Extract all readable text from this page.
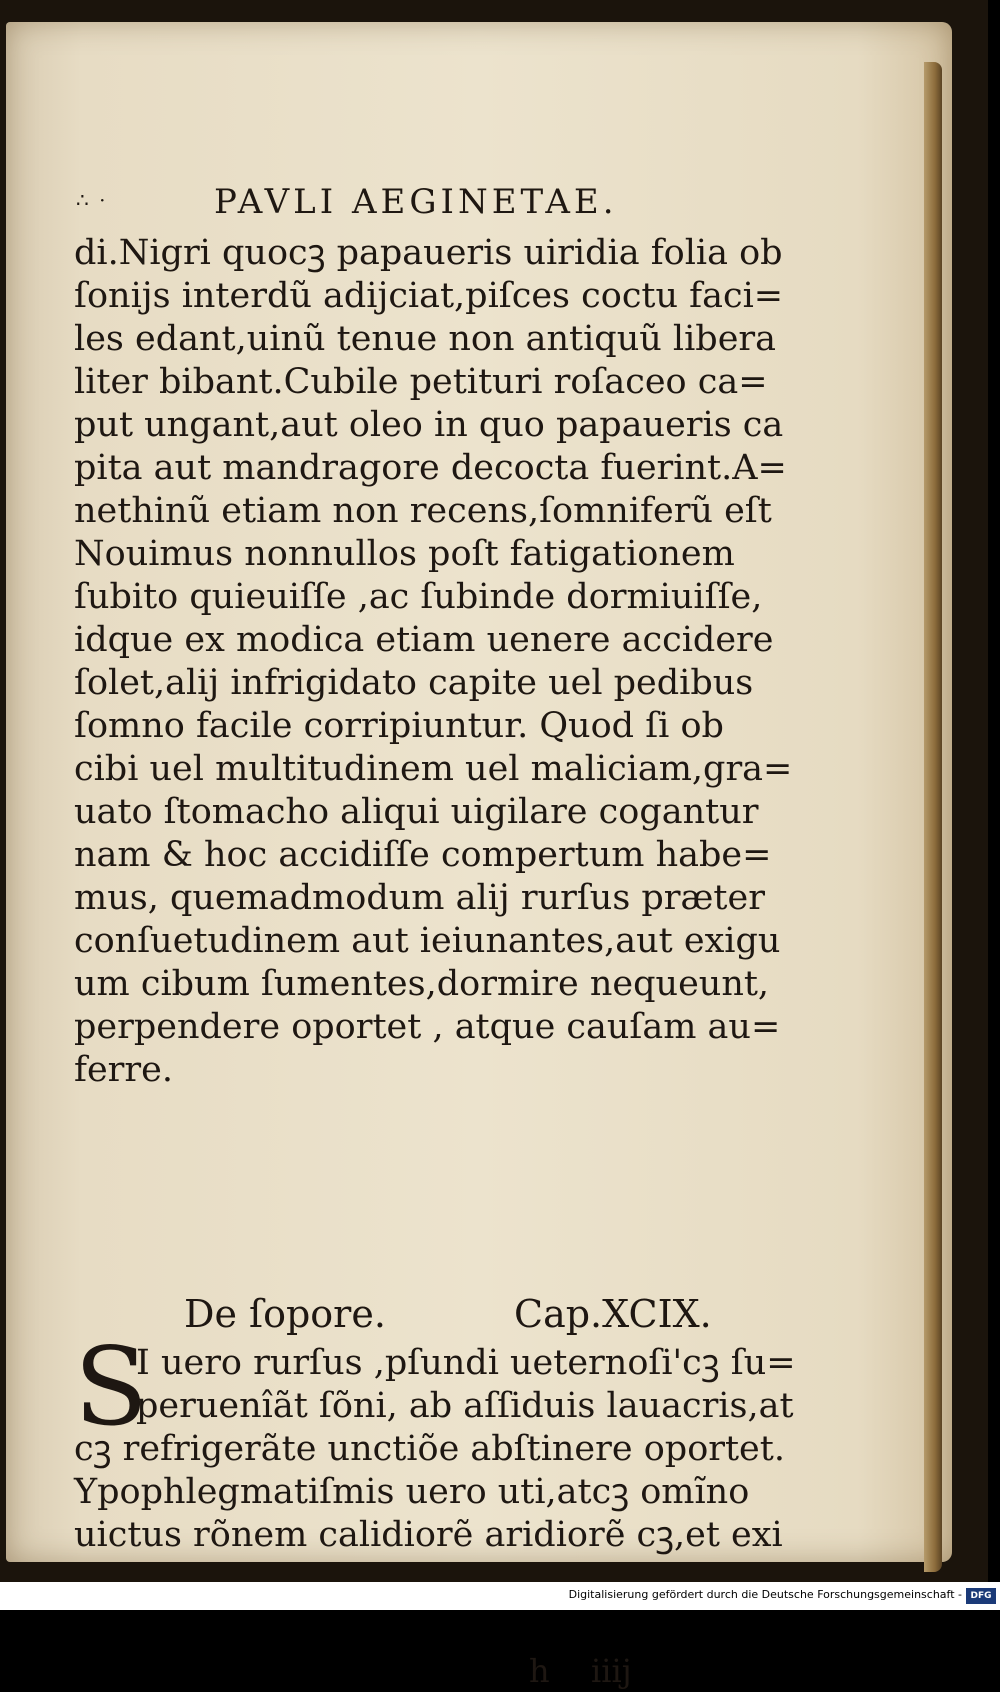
∴ ·	PAVLI AEGINETAE.
di.Nigri quocꝫ papaueris uiridia folia ob
ſonijs interdũ adijciat,piſces coctu faci=
les edant,uinũ tenue non antiquũ libera
liter bibant.Cubile petituri roſaceo ca=
put ungant,aut oleo in quo papaueris ca
pita aut mandragore decocta fuerint.A=
nethinũ etiam non recens,ſomniferũ eſt
Nouimus nonnullos poſt fatigationem
ſubito quieuiſſe ,ac ſubinde dormiuiſſe,
idque ex modica etiam uenere accidere
ſolet,alij infrigidato capite uel pedibus
ſomno facile corripiuntur. Quod ſi ob
cibi uel multitudinem uel maliciam,gra=
uato ſtomacho aliqui uigilare cogantur
nam & hoc accidiſſe compertum habe=
mus, quemadmodum alij rurſus præter
conſuetudinem aut ieiunantes,aut exigu
um cibum ſumentes,dormire nequeunt,
perpendere oportet , atque cauſam au=
ferre.
De ſopore.	Cap.XCIX.
S
I uero rurſus ,pſundi ueternoſi'cꝫ ſu=
peruenîãt ſõni, ab aſſiduis lauacris,at
cꝫ refrigerãte unctiõe abſtinere oportet.
Ypophlegmatiſmis uero uti,atcꝫ omĩno
uictus rõnem calidiorẽ aridiorẽ cꝫ,et exi
h iiij
Digitalisierung gefördert durch die Deutsche Forschungsgemeinschaft - DFG
